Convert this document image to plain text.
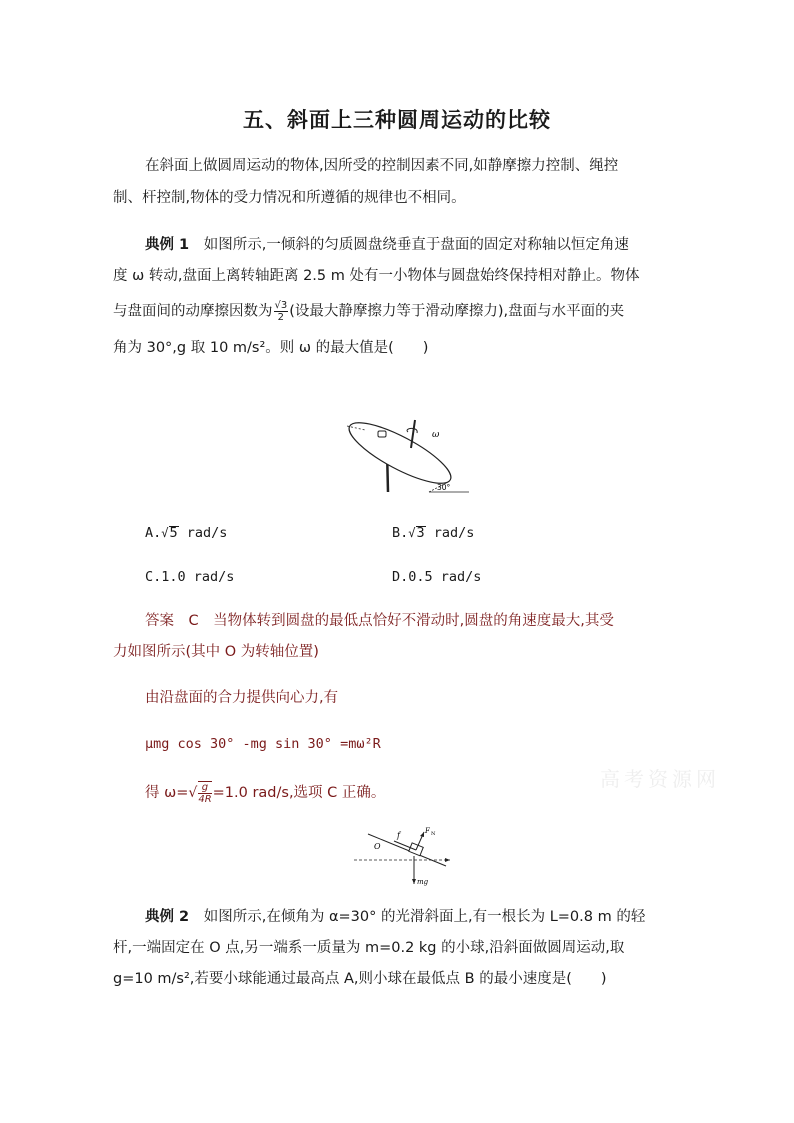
五、斜面上三种圆周运动的比较
在斜面上做圆周运动的物体,因所受的控制因素不同,如静摩擦力控制、绳控
制、杆控制,物体的受力情况和所遵循的规律也不相同。
典例 1 如图所示,一倾斜的匀质圆盘绕垂直于盘面的固定对称轴以恒定角速
度 ω 转动,盘面上离转轴距离 2.5 m 处有一小物体与圆盘始终保持相对静止。物体
与盘面间的动摩擦因数为 $\frac{√3}{2}$ (设最大静摩擦力等于滑动摩擦力),盘面与水平面的夹
角为 30°,g 取 10 m/s²。则 ω 的最大值是(　　)
ω
30°
A.√5 rad/s	B.√3 rad/s
C.1.0 rad/s	D.0.5 rad/s
答案　C　当物体转到圆盘的最低点恰好不滑动时,圆盘的角速度最大,其受
力如图所示(其中 O 为转轴位置)
由沿盘面的合力提供向心力,有
μmg cos 30° -mg sin 30° =mω²R
得 $\omega=√ \frac{g}{4R} =1.0$ rad/s,选项 C 正确。
高考资源网
O
f	F N
mg
典例 2 如图所示,在倾角为 α=30° 的光滑斜面上,有一根长为 L=0.8 m 的轻
杆,一端固定在 O 点,另一端系一质量为 m=0.2 kg 的小球,沿斜面做圆周运动,取
g=10 m/s²,若要小球能通过最高点 A,则小球在最低点 B 的最小速度是(　　)
